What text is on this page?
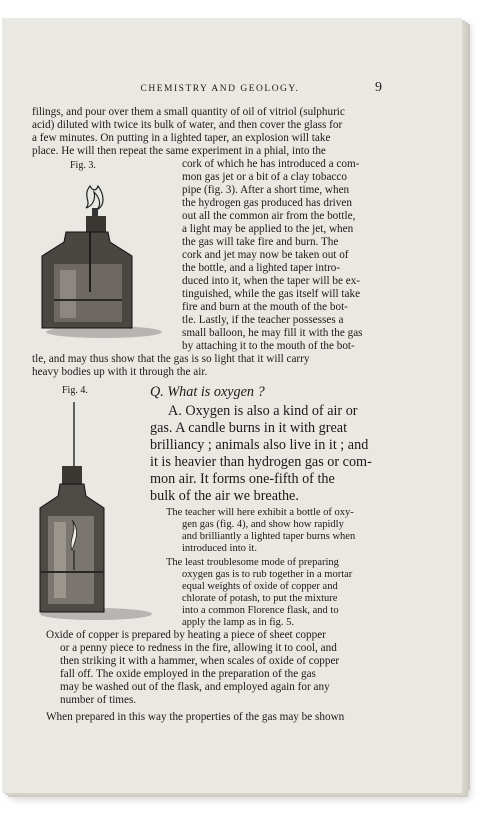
CHEMISTRY AND GEOLOGY.	9
filings, and pour over them a small quantity of oil of vitriol (sulphuric
acid) diluted with twice its bulk of water, and then cover the glass for
a few minutes. On putting in a lighted taper, an explosion will take
place. He will then repeat the same experiment in a phial, into the
Fig. 3.	cork of which he has introduced a com-
mon gas jet or a bit of a clay tobacco
pipe (fig. 3). After a short time, when
the hydrogen gas produced has driven
out all the common air from the bottle,
a light may be applied to the jet, when
the gas will take fire and burn. The
cork and jet may now be taken out of
the bottle, and a lighted taper intro-
duced into it, when the taper will be ex-
tinguished, while the gas itself will take
fire and burn at the mouth of the bot-
tle. Lastly, if the teacher possesses a
small balloon, he may fill it with the gas
by attaching it to the mouth of the bot-
tle, and may thus show that the gas is so light that it will carry
heavy bodies up with it through the air.
Fig. 4.	Q. What is oxygen ?
A. Oxygen is also a kind of air or
gas. A candle burns in it with great
brilliancy ; animals also live in it ; and
it is heavier than hydrogen gas or com-
mon air. It forms one-fifth of the
bulk of the air we breathe.
The teacher will here exhibit a bottle of oxy-
gen gas (fig. 4), and show how rapidly
and brilliantly a lighted taper burns when
introduced into it.
The least troublesome mode of preparing
oxygen gas is to rub together in a mortar
equal weights of oxide of copper and
chlorate of potash, to put the mixture
into a common Florence flask, and to
apply the lamp as in fig. 5.
Oxide of copper is prepared by heating a piece of sheet copper
or a penny piece to redness in the fire, allowing it to cool, and
then striking it with a hammer, when scales of oxide of copper
fall off. The oxide employed in the preparation of the gas
may be washed out of the flask, and employed again for any
number of times.
When prepared in this way the properties of the gas may be shown
